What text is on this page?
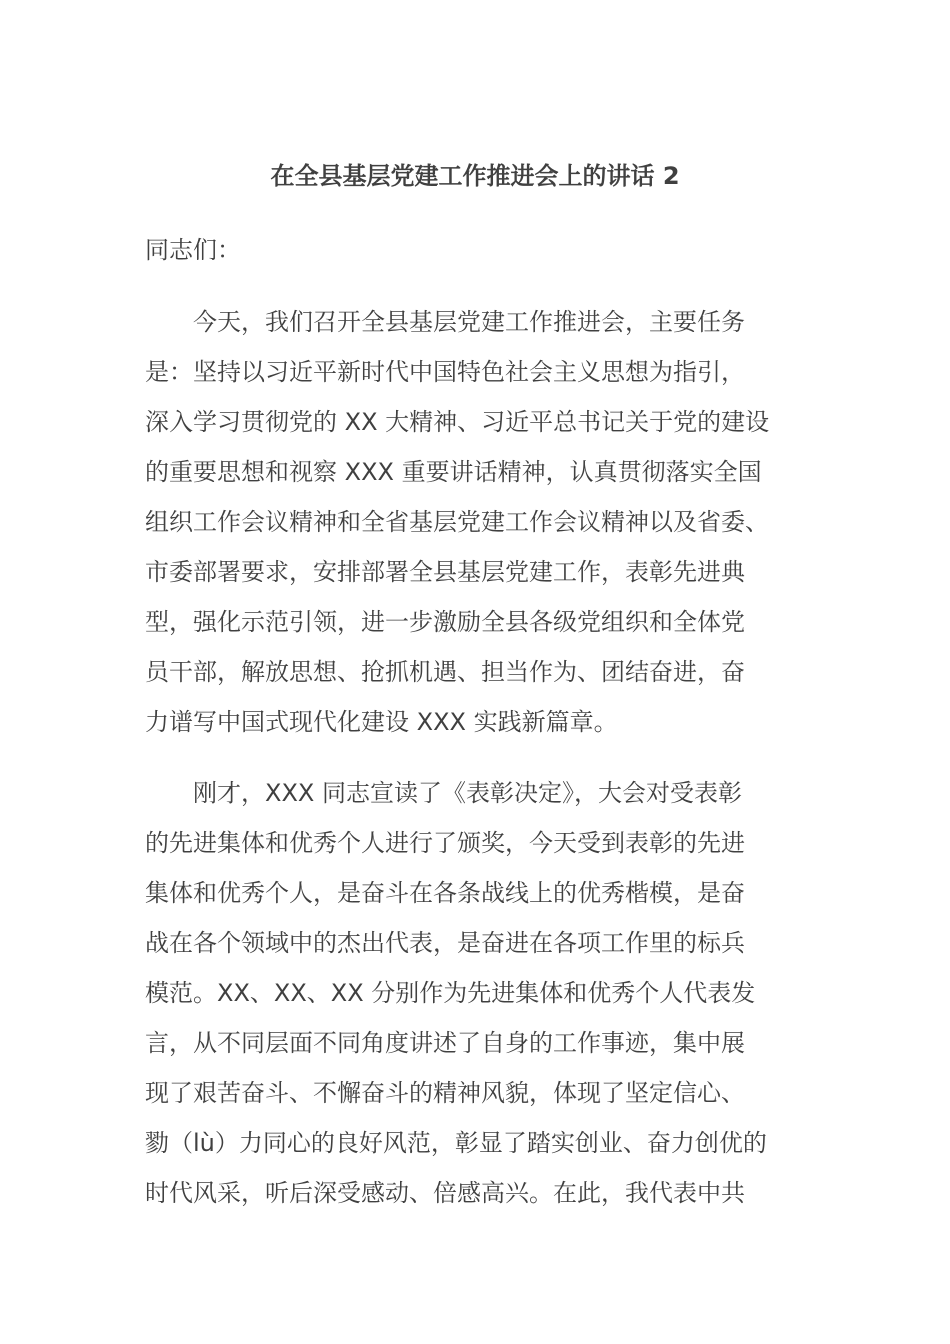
在全县基层党建工作推进会上的讲话 2
同志们：
今天，我们召开全县基层党建工作推进会，主要任务
是：坚持以习近平新时代中国特色社会主义思想为指引，
深入学习贯彻党的 XX 大精神、习近平总书记关于党的建设
的重要思想和视察 XXX 重要讲话精神，认真贯彻落实全国
组织工作会议精神和全省基层党建工作会议精神以及省委、
市委部署要求，安排部署全县基层党建工作，表彰先进典
型，强化示范引领，进一步激励全县各级党组织和全体党
员干部，解放思想、抢抓机遇、担当作为、团结奋进，奋
力谱写中国式现代化建设 XXX 实践新篇章。
刚才，XXX 同志宣读了《表彰决定》，大会对受表彰
的先进集体和优秀个人进行了颁奖，今天受到表彰的先进
集体和优秀个人，是奋斗在各条战线上的优秀楷模，是奋
战在各个领域中的杰出代表，是奋进在各项工作里的标兵
模范。XX、XX、XX 分别作为先进集体和优秀个人代表发
言，从不同层面不同角度讲述了自身的工作事迹，集中展
现了艰苦奋斗、不懈奋斗的精神风貌，体现了坚定信心、
勠（lù）力同心的良好风范，彰显了踏实创业、奋力创优的
时代风采，听后深受感动、倍感高兴。在此，我代表中共
